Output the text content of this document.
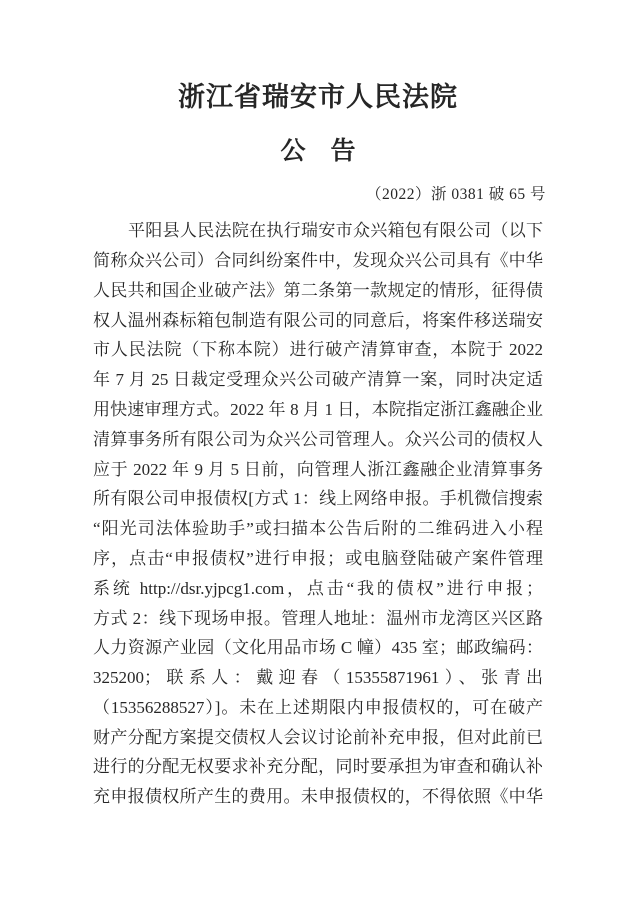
浙江省瑞安市人民法院
公　告
（2022）浙 0381 破 65 号
平阳县人民法院在执行瑞安市众兴箱包有限公司（以下
简称众兴公司）合同纠纷案件中，发现众兴公司具有《中华
人民共和国企业破产法》第二条第一款规定的情形，征得债
权人温州森标箱包制造有限公司的同意后，将案件移送瑞安
市人民法院（下称本院）进行破产清算审查，本院于 2022
年 7 月 25 日裁定受理众兴公司破产清算一案，同时决定适
用快速审理方式。2022 年 8 月 1 日，本院指定浙江鑫融企业
清算事务所有限公司为众兴公司管理人。众兴公司的债权人
应于 2022 年 9 月 5 日前，向管理人浙江鑫融企业清算事务
所有限公司申报债权[方式 1：线上网络申报。手机微信搜索
“阳光司法体验助手”或扫描本公告后附的二维码进入小程
序，点击“申报债权”进行申报；或电脑登陆破产案件管理
系统 http://dsr.yjpcg1.com，点击“我的债权”进行申报；
方式 2：线下现场申报。管理人地址：温州市龙湾区兴区路
人力资源产业园（文化用品市场 C 幢）435 室；邮政编码：
325200；联系人：戴迎春（15355871961）、张青出
（15356288527）]。未在上述期限内申报债权的，可在破产
财产分配方案提交债权人会议讨论前补充申报，但对此前已
进行的分配无权要求补充分配，同时要承担为审查和确认补
充申报债权所产生的费用。未申报债权的，不得依照《中华
